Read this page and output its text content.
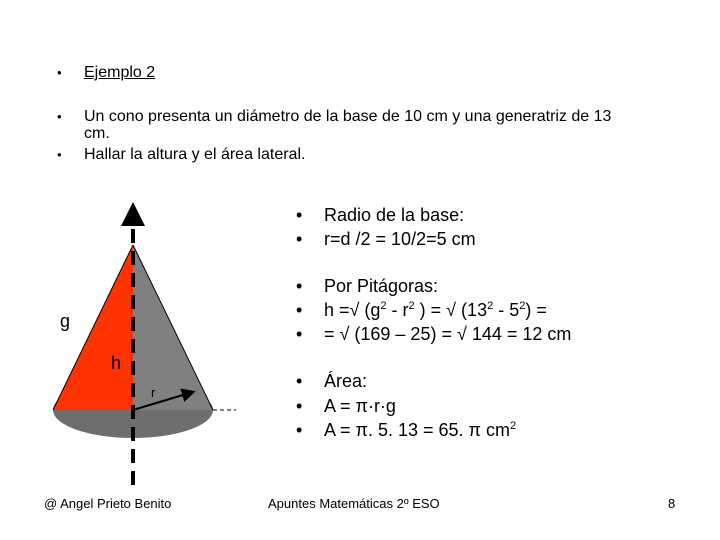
• Ejemplo 2
• Un cono presenta un diámetro de la base de 10 cm y una generatriz de 13
cm.
• Hallar la altura y el área lateral.
g
h
r
• Radio de la base:
• r=d /2 = 10/2=5 cm
• Por Pitágoras:
• h =√ ($g^2 - r^2$ ) = √ $(13^2 - 5^2)$ =
• = √ (169 – 25) = √ 144 = 12 cm
• Área:
• A = π·r·g
• A = π. 5. 13 = 65. π $cm^2$
@ Angel Prieto Benito	Apuntes Matemáticas 2º ESO	8
